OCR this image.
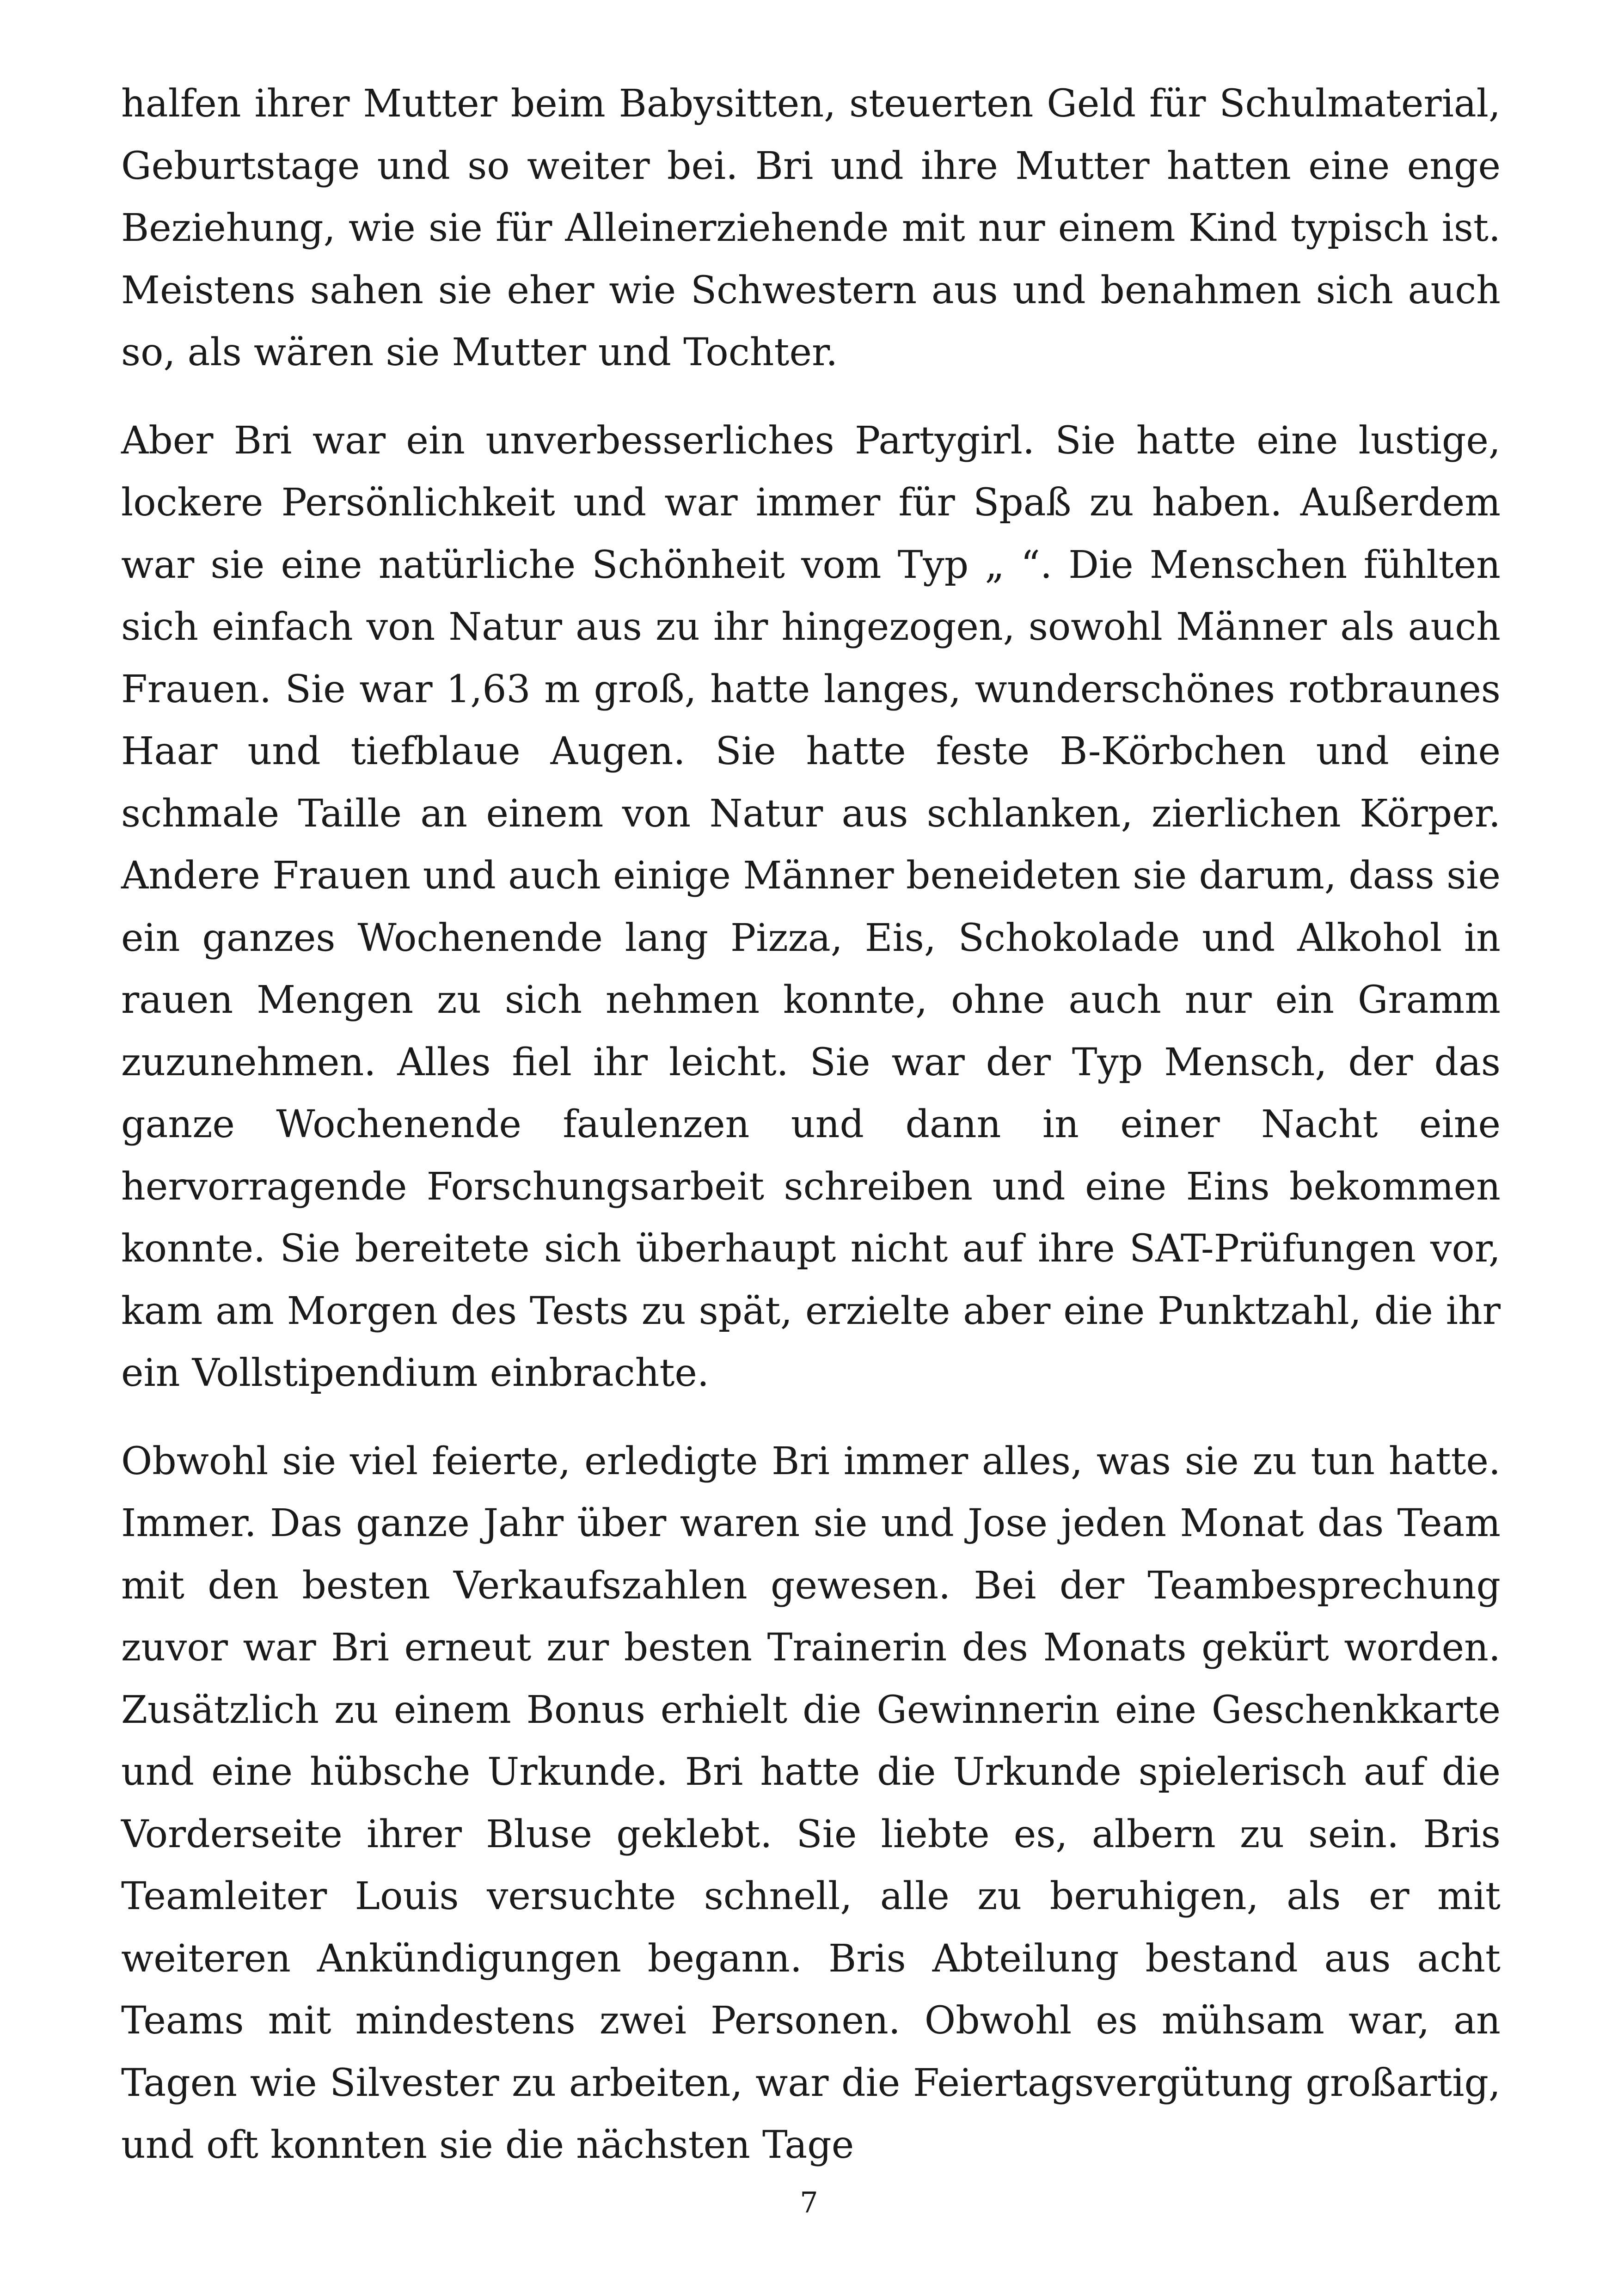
halfen ihrer Mutter beim Babysitten, steuerten Geld für Schulmaterial, Geburtstage und so weiter bei. Bri und ihre Mutter hatten eine enge Beziehung, wie sie für Alleinerziehende mit nur einem Kind typisch ist. Meistens sahen sie eher wie Schwestern aus und benahmen sich auch so, als wären sie Mutter und Tochter.

Aber Bri war ein unverbesserliches Partygirl. Sie hatte eine lustige, lockere Persönlichkeit und war immer für Spaß zu haben. Außerdem war sie eine natürliche Schönheit vom Typ „ “. Die Menschen fühlten sich einfach von Natur aus zu ihr hingezogen, sowohl Männer als auch Frauen. Sie war 1,63 m groß, hatte langes, wunderschönes rotbraunes Haar und tiefblaue Augen. Sie hatte feste B-Körbchen und eine schmale Taille an einem von Natur aus schlanken, zierlichen Körper. Andere Frauen und auch einige Männer beneideten sie darum, dass sie ein ganzes Wochenende lang Pizza, Eis, Schokolade und Alkohol in rauen Mengen zu sich nehmen konnte, ohne auch nur ein Gramm zuzunehmen. Alles fiel ihr leicht. Sie war der Typ Mensch, der das ganze Wochenende faulenzen und dann in einer Nacht eine hervorragende Forschungsarbeit schreiben und eine Eins bekommen konnte. Sie bereitete sich überhaupt nicht auf ihre SAT-Prüfungen vor, kam am Morgen des Tests zu spät, erzielte aber eine Punktzahl, die ihr ein Vollstipendium einbrachte.

Obwohl sie viel feierte, erledigte Bri immer alles, was sie zu tun hatte. Immer. Das ganze Jahr über waren sie und Jose jeden Monat das Team mit den besten Verkaufszahlen gewesen. Bei der Teambesprechung zuvor war Bri erneut zur besten Trainerin des Monats gekürt worden. Zusätzlich zu einem Bonus erhielt die Gewinnerin eine Geschenkkarte und eine hübsche Urkunde. Bri hatte die Urkunde spielerisch auf die Vorderseite ihrer Bluse geklebt. Sie liebte es, albern zu sein. Bris Teamleiter Louis versuchte schnell, alle zu beruhigen, als er mit weiteren Ankündigungen begann. Bris Abteilung bestand aus acht Teams mit mindestens zwei Personen. Obwohl es mühsam war, an Tagen wie Silvester zu arbeiten, war die Feiertagsvergütung großartig, und oft konnten sie die nächsten Tage

7
